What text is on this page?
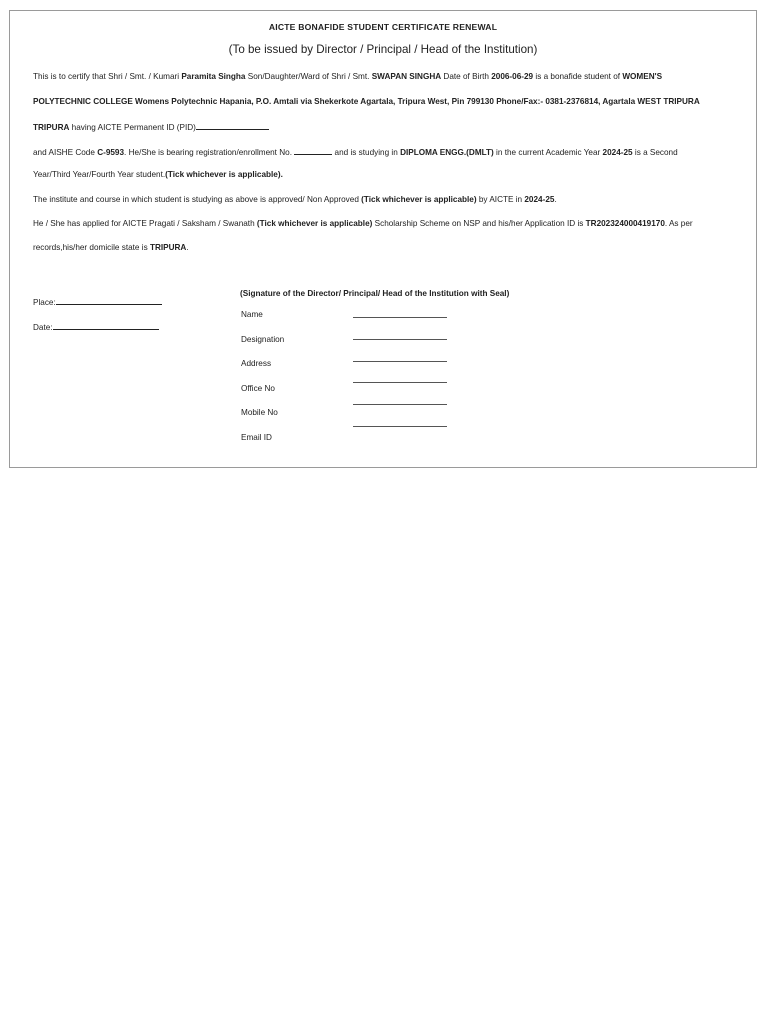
AICTE BONAFIDE STUDENT CERTIFICATE RENEWAL
(To be issued by Director / Principal / Head of the Institution)
This is to certify that Shri / Smt. / Kumari Paramita Singha Son/Daughter/Ward of Shri / Smt. SWAPAN SINGHA Date of Birth 2006-06-29 is a bonafide student of WOMEN'S
POLYTECHNIC COLLEGE Womens Polytechnic Hapania, P.O. Amtali via Shekerkote Agartala, Tripura West, Pin 799130 Phone/Fax:- 0381-2376814, Agartala WEST TRIPURA
TRIPURA having AICTE Permanent ID (PID)
and AISHE Code C-9593. He/She is bearing registration/enrollment No.	and is studying in DIPLOMA ENGG.(DMLT) in the current Academic Year 2024-25 is a Second
Year/Third Year/Fourth Year student.(Tick whichever is applicable).
The institute and course in which student is studying as above is approved/ Non Approved (Tick whichever is applicable) by AICTE in 2024-25.
He / She has applied for AICTE Pragati / Saksham / Swanath (Tick whichever is applicable) Scholarship Scheme on NSP and his/her Application ID is TR202324000419170. As per
records,his/her domicile state is TRIPURA.
Place:
Date:
(Signature of the Director/ Principal/ Head of the Institution with Seal)
Name
Designation
Address
Office No
Mobile No
Email ID
